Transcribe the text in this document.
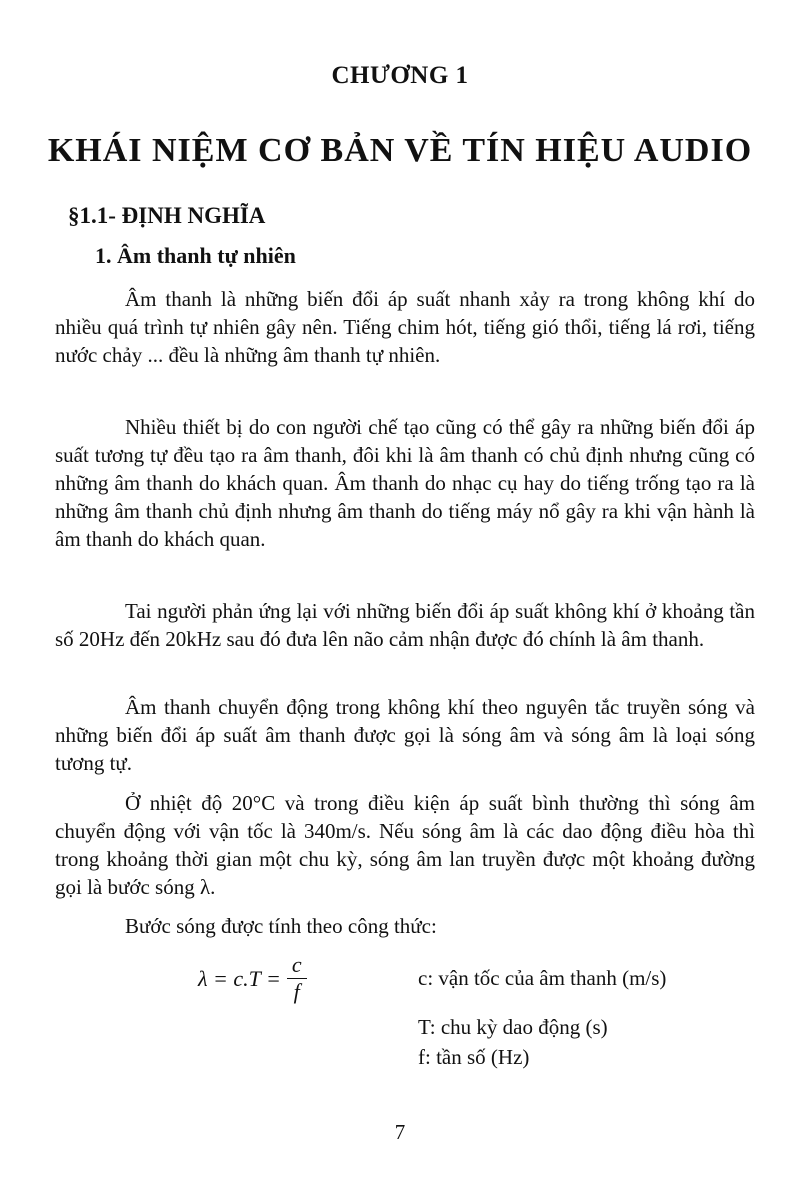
CHƯƠNG 1
KHÁI NIỆM CƠ BẢN VỀ TÍN HIỆU AUDIO
§1.1- ĐỊNH NGHĨA
1. Âm thanh tự nhiên

Âm thanh là những biến đổi áp suất nhanh xảy ra trong không khí do nhiều quá trình tự nhiên gây nên. Tiếng chim hót, tiếng gió thổi, tiếng lá rơi, tiếng nước chảy ... đều là những âm thanh tự nhiên.

Nhiều thiết bị do con người chế tạo cũng có thể gây ra những biến đổi áp suất tương tự đều tạo ra âm thanh, đôi khi là âm thanh có chủ định nhưng cũng có những âm thanh do khách quan. Âm thanh do nhạc cụ hay do tiếng trống tạo ra là những âm thanh chủ định nhưng âm thanh do tiếng máy nổ gây ra khi vận hành là âm thanh do khách quan.

Tai người phản ứng lại với những biến đổi áp suất không khí ở khoảng tần số 20Hz đến 20kHz sau đó đưa lên não cảm nhận được đó chính là âm thanh.

Âm thanh chuyển động trong không khí theo nguyên tắc truyền sóng và những biến đổi áp suất âm thanh được gọi là sóng âm và sóng âm là loại sóng tương tự.

Ở nhiệt độ 20°C và trong điều kiện áp suất bình thường thì sóng âm chuyển động với vận tốc là 340m/s. Nếu sóng âm là các dao động điều hòa thì trong khoảng thời gian một chu kỳ, sóng âm lan truyền được một khoảng đường gọi là bước sóng λ.

Bước sóng được tính theo công thức:
$\lambda = c.T = \frac{c}{f}$	c: vận tốc của âm thanh (m/s)
T: chu kỳ dao động (s)
f: tần số (Hz)
7
